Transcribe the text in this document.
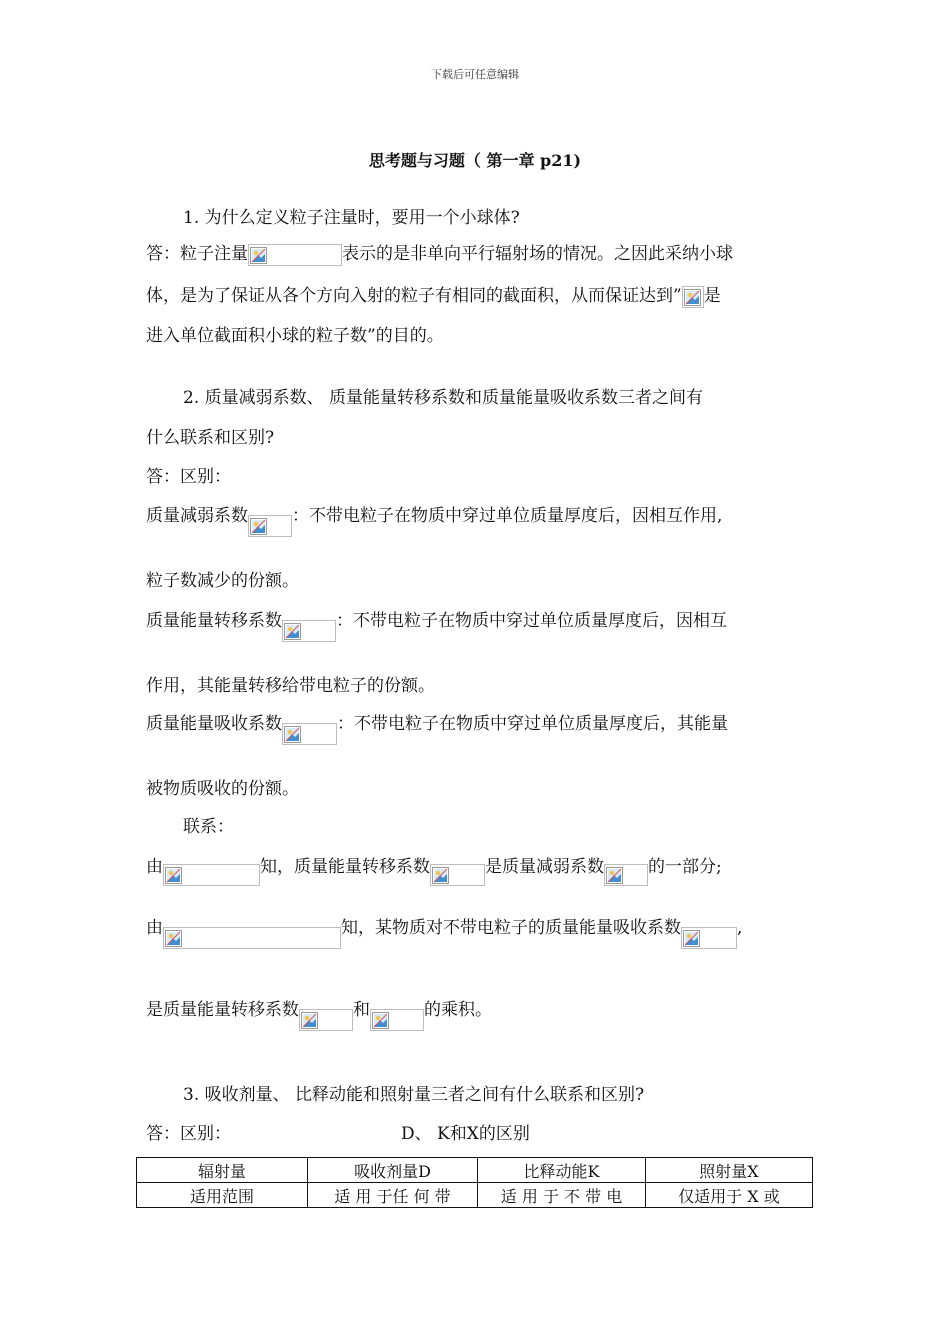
下载后可任意编辑
思考题与习题（ 第一章 p21)
1. 为什么定义粒子注量时，要用一个小球体?
答：粒子注量	表示的是非单向平行辐射场的情况。之因此采纳小球
体，是为了保证从各个方向入射的粒子有相同的截面积，从而保证达到” 是
进入单位截面积小球的粒子数”的目的。
2. 质量减弱系数、 质量能量转移系数和质量能量吸收系数三者之间有
什么联系和区别?
答：区别：
质量减弱系数	：不带电粒子在物质中穿过单位质量厚度后，因相互作用,
粒子数减少的份额。
质量能量转移系数	：不带电粒子在物质中穿过单位质量厚度后，因相互
作用，其能量转移给带电粒子的份额。
质量能量吸收系数	：不带电粒子在物质中穿过单位质量厚度后，其能量
被物质吸收的份额。
联系：
由	知，质量能量转移系数	是质量减弱系数	的一部分;
由	知，某物质对不带电粒子的质量能量吸收系数	,
是质量能量转移系数	和	的乘积。
3. 吸收剂量、 比释动能和照射量三者之间有什么联系和区别?
答：区别：	D、 K和X的区别
辐射量	吸收剂量D	比释动能K	照射量X
适用范围	适 用 于任 何 带	适 用 于 不 带 电	仅适用于 X 或
